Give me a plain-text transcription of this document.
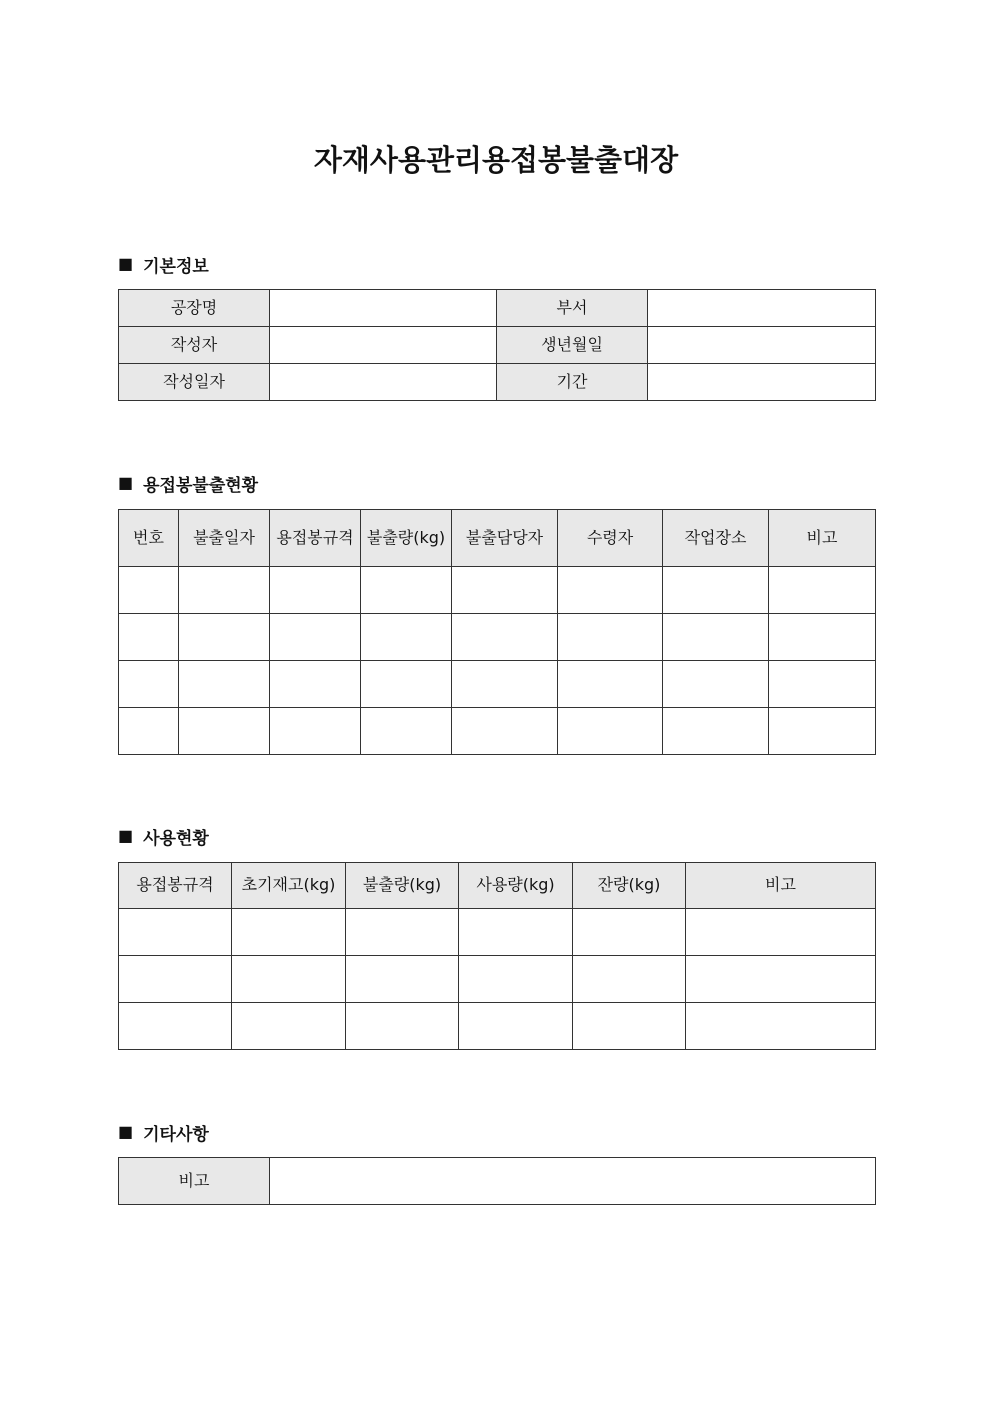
자재사용관리용접봉불출대장
■ 기본정보
공장명		부서	
작성자		생년월일	
작성일자		기간	
■ 용접봉불출현황
번호	불출일자	용접봉규격	불출량(kg)	불출담당자	수령자	작업장소	비고

■ 사용현황
용접봉규격	초기재고(kg)	불출량(kg)	사용량(kg)	잔량(kg)	비고

■ 기타사항
비고	
